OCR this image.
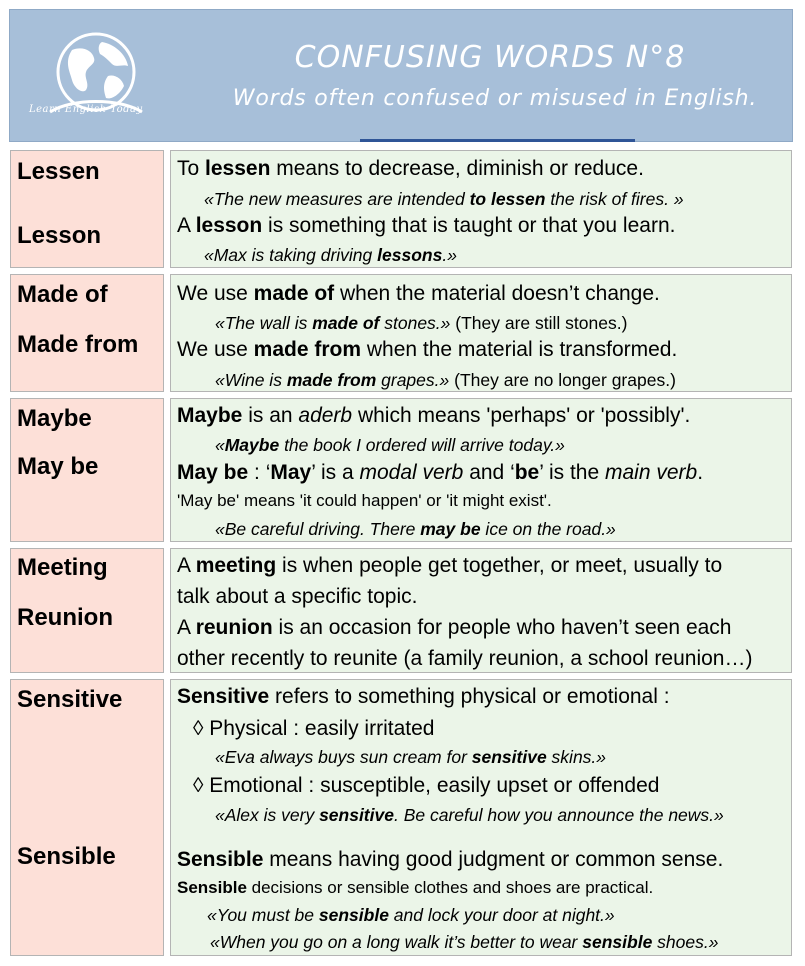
Learn English Today
CONFUSING WORDS N°8
Words often confused or misused in English.
Lessen
Lesson
To lessen means to decrease, diminish or reduce.
«The new measures are intended to lessen the risk of fires. »
A lesson is something that is taught or that you learn.
«Max is taking driving lessons.»
Made of
Made from
We use made of when the material doesn’t change.
«The wall is made of stones.» (They are still stones.)
We use made from when the material is transformed.
«Wine is made from grapes.» (They are no longer grapes.)
Maybe
May be
Maybe is an aderb which means 'perhaps' or 'possibly'.
«Maybe the book I ordered will arrive today.»
May be : ‘May’ is a modal verb and ‘be’ is the main verb.
'May be' means 'it could happen' or 'it might exist'.
«Be careful driving. There may be ice on the road.»
Meeting
Reunion
A meeting is when people get together, or meet, usually to
talk about a specific topic.
A reunion is an occasion for people who haven’t seen each
other recently to reunite (a family reunion, a school reunion…)
Sensitive
Sensible
Sensitive refers to something physical or emotional :
◊ Physical : easily irritated
«Eva always buys sun cream for sensitive skins.»
◊ Emotional : susceptible, easily upset or offended
«Alex is very sensitive. Be careful how you announce the news.»
Sensible means having good judgment or common sense.
Sensible decisions or sensible clothes and shoes are practical.
«You must be sensible and lock your door at night.»
«When you go on a long walk it’s better to wear sensible shoes.»
